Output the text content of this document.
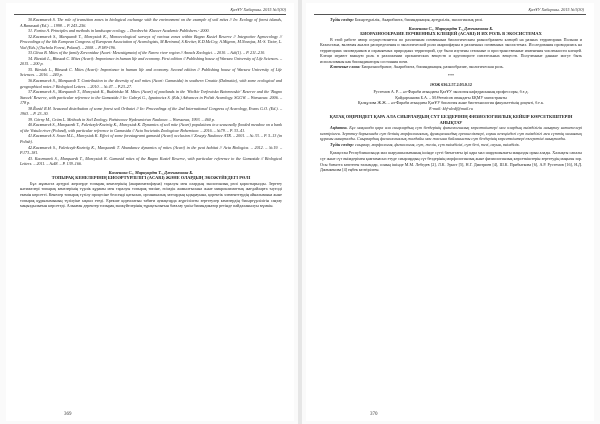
ҚазҰУ Хабаршы. 2015 №3(30)

30.Kaczmarek S. The role of transition zones in biological exchange with the environment on the example of soil mites // In: Ecology of forest islands, A.Banaszak (Ed.). – 1998. – P. 243–256.

31. Farina A. Principles and methods in landscape ecology. – Dordrecht: Kluwer Academic Publishers.- 2000.

32.Kaczmarek S., Marquardt T., Marcysiak K., Monoecological surveys of various zones within Bagno Kusieł Reserve // Integrative Agroecology // Proceedings of the 6th European Congress of European Association of Acarologists, M.Bertrand, S.Kreiter, K.D.McCoy, A.Migeon, M.Navajas, M.-S. Tixier, L. Vial (Eds.) (Tuchola Forest, Poland). – 2008. – P.189-196.

33.Gliwa B. Mites of the family Zerconidae (Acari: Mesostigmata) of the Narew river region // Annals Zoologici. – 2010. – №6(1). – P. 211–210.

34. Biesiak L., Błaszak C. Mites (Acari): Importance in human life and economy. First edition // Publishing house of Warsaw University of Life Sciences. – 2015. – 200 p.

35. Biesiak L., Błaszak C. Mites (Acari): Importance in human life and economy. Second edition // Publishing house of Warsaw University of Life Sciences. – 2016. – 240 p.

36.Kaczmarek S., Marquardt T. Contribution to the diversity of soil mites (Acari: Gamasida) in southern Croatia (Dalmatia), with some ecological and geographical notes // Biological Letters. – 2010. – № 47. – P.23–27.

37.Kaczmarek S., Marquardt T., Marcysiak K., Budzińska M. Mites (Acari) of peatlands in the 'Wielkie Torfowisko Batorowskie' Reserve and the 'Bagno Stawek' Reserve, with particular reference to the Gamasida // In: Gabryś G., Ignatowicz S. (Eds.) Advances in Polish Acarology. SGGW. – Warszawa. 2006. – 178 p.

38.Řezáč R.H. Seasonal distribution of some forest soil Oribatei // In: Proceedings of the 2nd International Congress of Acarology, Evans G.O. (Ed.). – 1963. – P. 23–30.

39. Görny M., Grüm L. Methods in Soil Zoology. Państwowe Wydawnictwo Naukowe. – Warszawa, 1993. – 460 p.

40.Kaczmarek S., Marquardt T., Faleńczyk-Koziróg K., Marcysiak K. Dynamics of soil mite (Acari) populations in a seasonally flooded meadow on a bank of the Vistula river (Poland), with particular reference to Gamasida // Acta Societatis Zoologicae Bohemicae. – 2016. – №79. – P. 33–41.

41.Kaczmarek S. Sowa M.L., Marcysiak K. Effect of some forestagrami gamasid (Acari) occlusion // Zeszyty Naukowe ATR. – 2001. – № 33. – P. 5–13 (in Polish).

42.Kaczmarek S., Faleńczyk-Koziróg K., Marquardt T. Abundance dynamics of mites (Acari) in the peat habitat // Acta Biologica. – 2012. – №19. – P.173–181.

43. Kaczmarek S., Marquardt T., Marcysiak K. Gamasid mites of the Bagno Kusieł Reserve, with particular reference to the Gamasida // Biological Letters. – 2011. – №48. – P. 139–166.

Каменова С., Маркуардт Т., Дженкенова Б.

ТОПЫРАҚ КЕНЕЛЕРІНІҢ БИОӘРТҮРЛІЛІГІ (ACARI) ЖӘНЕ ОЛАРДЫҢ ЭКОЖҮЙЕДЕГІ РӨЛІ

Бұл жұмыста әртүрлі жерлерде топырақ кенелерінің (акариомезофауна) таралуы мен олардың экологиялық рөлі қарастырылды. Зерттеу нәтижелері топырақ кенелерінің түрлік құрамы мен таралуы топырақ типіне, өсімдік жамылғысына және микроклиматтық жағдайларға тәуелді екенін көрсетті. Кенелер топырақ түзілу процесіне белсенді қатысып, органикалық заттардың ыдырауына, қоректік элементтердің айналымына және топырақ құрылымының түзілуіне ықпал етеді. Ерекше қорғалатын табиғи аумақтарда жүргізілген зерттеулер кенелердің биоәртүрлілігін сақтау маңыздылығын көрсетеді. Алынған деректер топырақ экожүйелерінің тұрақтылығын бағалау үшін биоиндикатор ретінде пайдаланылуы мүмкін.

369
ҚазҰУ Хабаршы. 2015 №3(30)

Түйін сөздер: Биоәртүрлілік, Акарибиота, биоиндикация, артүрлілік, экологиялық рөлі.

Каменова С., Маркуардт Т., Дженкенова Б.

БИОРАЗНООБРАЗИЕ ПОЧВЕННЫХ КЛЕЩЕЙ (ACARI) И ИХ РОЛЬ В ЭКОСИСТЕМАХ

В этой работе автор осуществляется по различным почвенным биологическим разнообразием клещей на разных территориях Польши и Казахстана, включая анализ распределения и экологической роли акариофауны в различных почвенных экосистемах. Исследования проводились на территориях заповедников и охраняемых природных территорий, где были изучены сезонные и пространственные изменения численности клещей. Клещи играют важную роль в разложении органических веществ и круговороте питательных веществ. Полученные данные могут быть использованы как биоиндикаторы состояния почв.

Ключевые слова: Биоразнообразие, Акарибиота, биоиндикация, разнообразие, экологическая роль.

***

ӘОЖ 636.2.57.2.03.0.12

Рустемов А. Р. – әл-Фараби атындағы ҚазҰУ экология кафедрасының профессоры, б.ғ.д.

Қайдарханова Б.А. – М.Өтемісов атындағы БҚМУ магистранты

Қалқұлова Ж.Ж. – әл-Фараби атындағы ҚазҰУ биология және биотехнология факультетінің доценті, б.ғ.к.

E-mail: kbf-ulvdf@mail.ru

ҚАТАҚ ОҢІРІНДЕГІ ҚАРА АЛА СИЫРЛАРДЫҢ СҮТ БЕЗДЕРІНІҢ ФИЗИОЛОГИЯЛЫҚ КЕЙБІР КӨРСЕТКІШТЕРІН АНЫҚТАУ

Аңдатпа. Бұл мақалада қара ала сиырлардың сүт бездерінің физиологиялық көрсеткіштері мен олардың өнімділігін анықтау нәтижелері келтірілген. Зерттеу барысында сүт безінің морфологиялық, функционалдық ерекшеліктері, сауын кезеңіндегі сүт өнімділігі мен сүттің химиялық құрамы анықталды. Сиырлардың физиологиялық жағдайы мен жасына байланысты сүт бездерінің көрсеткіштері өзгеретіні анықталды.

Түйін сөздер: сиырлар, морфология, физиология, сүт, желін, сүт өнімділігі, сүт безі, тегі, сауын, өнімділік.

Қазақстан Республикасында мал шаруашылығының ішінде сүтті бағыттағы ірі қара мал шаруашылығы маңызды орын алады. Халықты сапалы сүт және сүт өнімдерімен қамтамасыз етуде сиырлардың сүт бездерінің морфологиялық және физиологиялық көрсеткіштерін зерттеудің маңызы зор. Осы бағытта көптеген ғалымдар, соның ішінде М.М. Лебедев [2], Л.К. Эрнст [5], Н.Г. Дмитриев [4], Ш.К. Прибыткова [6], А.Р. Рустемов [16], Н.Д. Дженкенова [4] еңбек келтірілген.

370
